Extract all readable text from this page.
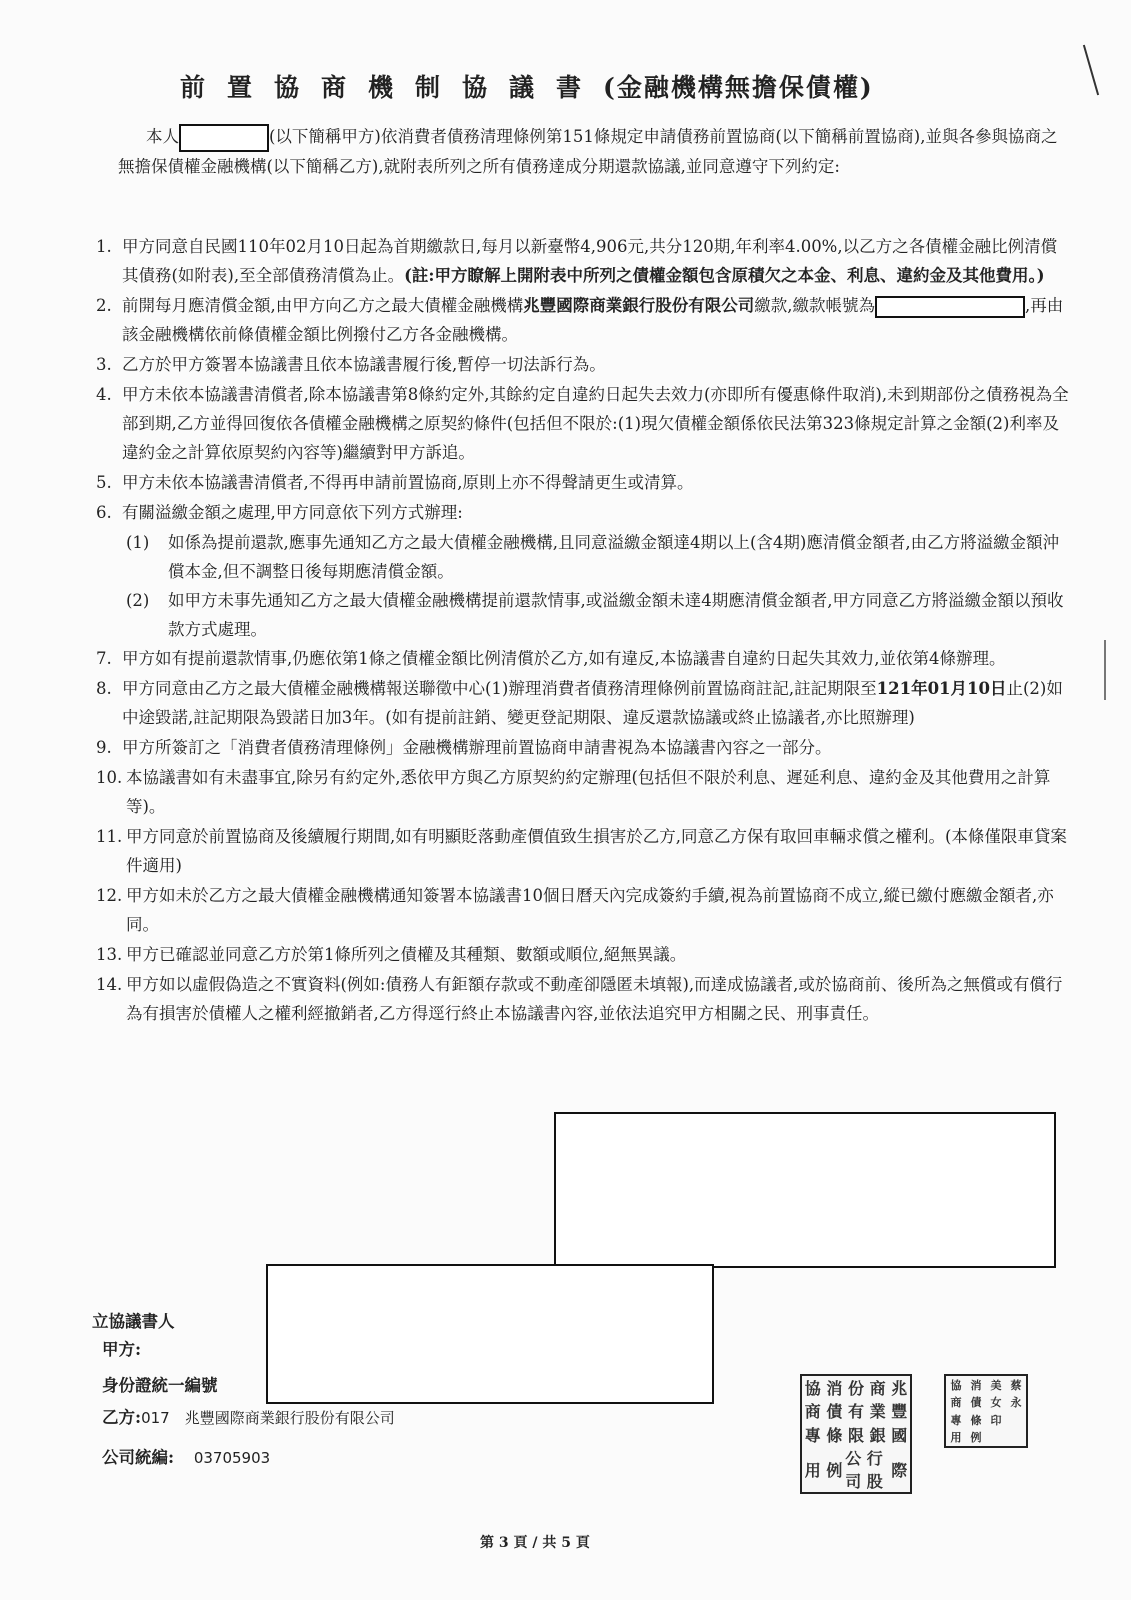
前置協商機制協議書(金融機構無擔保債權)
本人	(以下簡稱甲方)依消費者債務清理條例第151條規定申請債務前置協商(以下簡稱前置協商),並與各參與協商之無擔保債權金融機構(以下簡稱乙方),就附表所列之所有債務達成分期還款協議,並同意遵守下列約定:
1. 甲方同意自民國110年02月10日起為首期繳款日,每月以新臺幣4,906元,共分120期,年利率4.00%,以乙方之各債權金融比例清償其債務(如附表),至全部債務清償為止。(註:甲方瞭解上開附表中所列之債權金額包含原積欠之本金、利息、違約金及其他費用。)
2. 前開每月應清償金額,由甲方向乙方之最大債權金融機構兆豐國際商業銀行股份有限公司繳款,繳款帳號為	,再由該金融機構依前條債權金額比例撥付乙方各金融機構。
3. 乙方於甲方簽署本協議書且依本協議書履行後,暫停一切法訴行為。
4. 甲方未依本協議書清償者,除本協議書第8條約定外,其餘約定自違約日起失去效力(亦即所有優惠條件取消),未到期部份之債務視為全部到期,乙方並得回復依各債權金融機構之原契約條件(包括但不限於:(1)現欠債權金額係依民法第323條規定計算之金額(2)利率及違約金之計算依原契約內容等)繼續對甲方訴追。
5. 甲方未依本協議書清償者,不得再申請前置協商,原則上亦不得聲請更生或清算。
6. 有關溢繳金額之處理,甲方同意依下列方式辦理:
(1)	如係為提前還款,應事先通知乙方之最大債權金融機構,且同意溢繳金額達4期以上(含4期)應清償金額者,由乙方將溢繳金額沖償本金,但不調整日後每期應清償金額。
(2)	如甲方未事先通知乙方之最大債權金融機構提前還款情事,或溢繳金額未達4期應清償金額者,甲方同意乙方將溢繳金額以預收款方式處理。
7. 甲方如有提前還款情事,仍應依第1條之債權金額比例清償於乙方,如有違反,本協議書自違約日起失其效力,並依第4條辦理。
8. 甲方同意由乙方之最大債權金融機構報送聯徵中心(1)辦理消費者債務清理條例前置協商註記,註記期限至121年01月10日止(2)如中途毀諾,註記期限為毀諾日加3年。(如有提前註銷、變更登記期限、違反還款協議或終止協議者,亦比照辦理)
9. 甲方所簽訂之「消費者債務清理條例」金融機構辦理前置協商申請書視為本協議書內容之一部分。
10. 本協議書如有未盡事宜,除另有約定外,悉依甲方與乙方原契約約定辦理(包括但不限於利息、遲延利息、違約金及其他費用之計算等)。
11. 甲方同意於前置協商及後續履行期間,如有明顯貶落動產價值致生損害於乙方,同意乙方保有取回車輛求償之權利。(本條僅限車貸案件適用)
12. 甲方如未於乙方之最大債權金融機構通知簽署本協議書10個日曆天內完成簽約手續,視為前置協商不成立,縱已繳付應繳金額者,亦同。
13. 甲方已確認並同意乙方於第1條所列之債權及其種類、數額或順位,絕無異議。
14. 甲方如以虛假偽造之不實資料(例如:債務人有鉅額存款或不動產卻隱匿未填報),而達成協議者,或於協商前、後所為之無償或有償行為有損害於債權人之權利經撤銷者,乙方得逕行終止本協議書內容,並依法追究甲方相關之民、刑事責任。
立協議書人
甲方:
身份證統一編號
乙方:017　兆豐國際商業銀行股份有限公司
公司統編: 03705903
協 消 份 商 兆
商 債 有 業 豐
專 條 限 銀 國
用 例
公司
行股
際
協 消 美 蔡
商 債 女 永
專 條 印
用 例
第 3 頁 / 共 5 頁
